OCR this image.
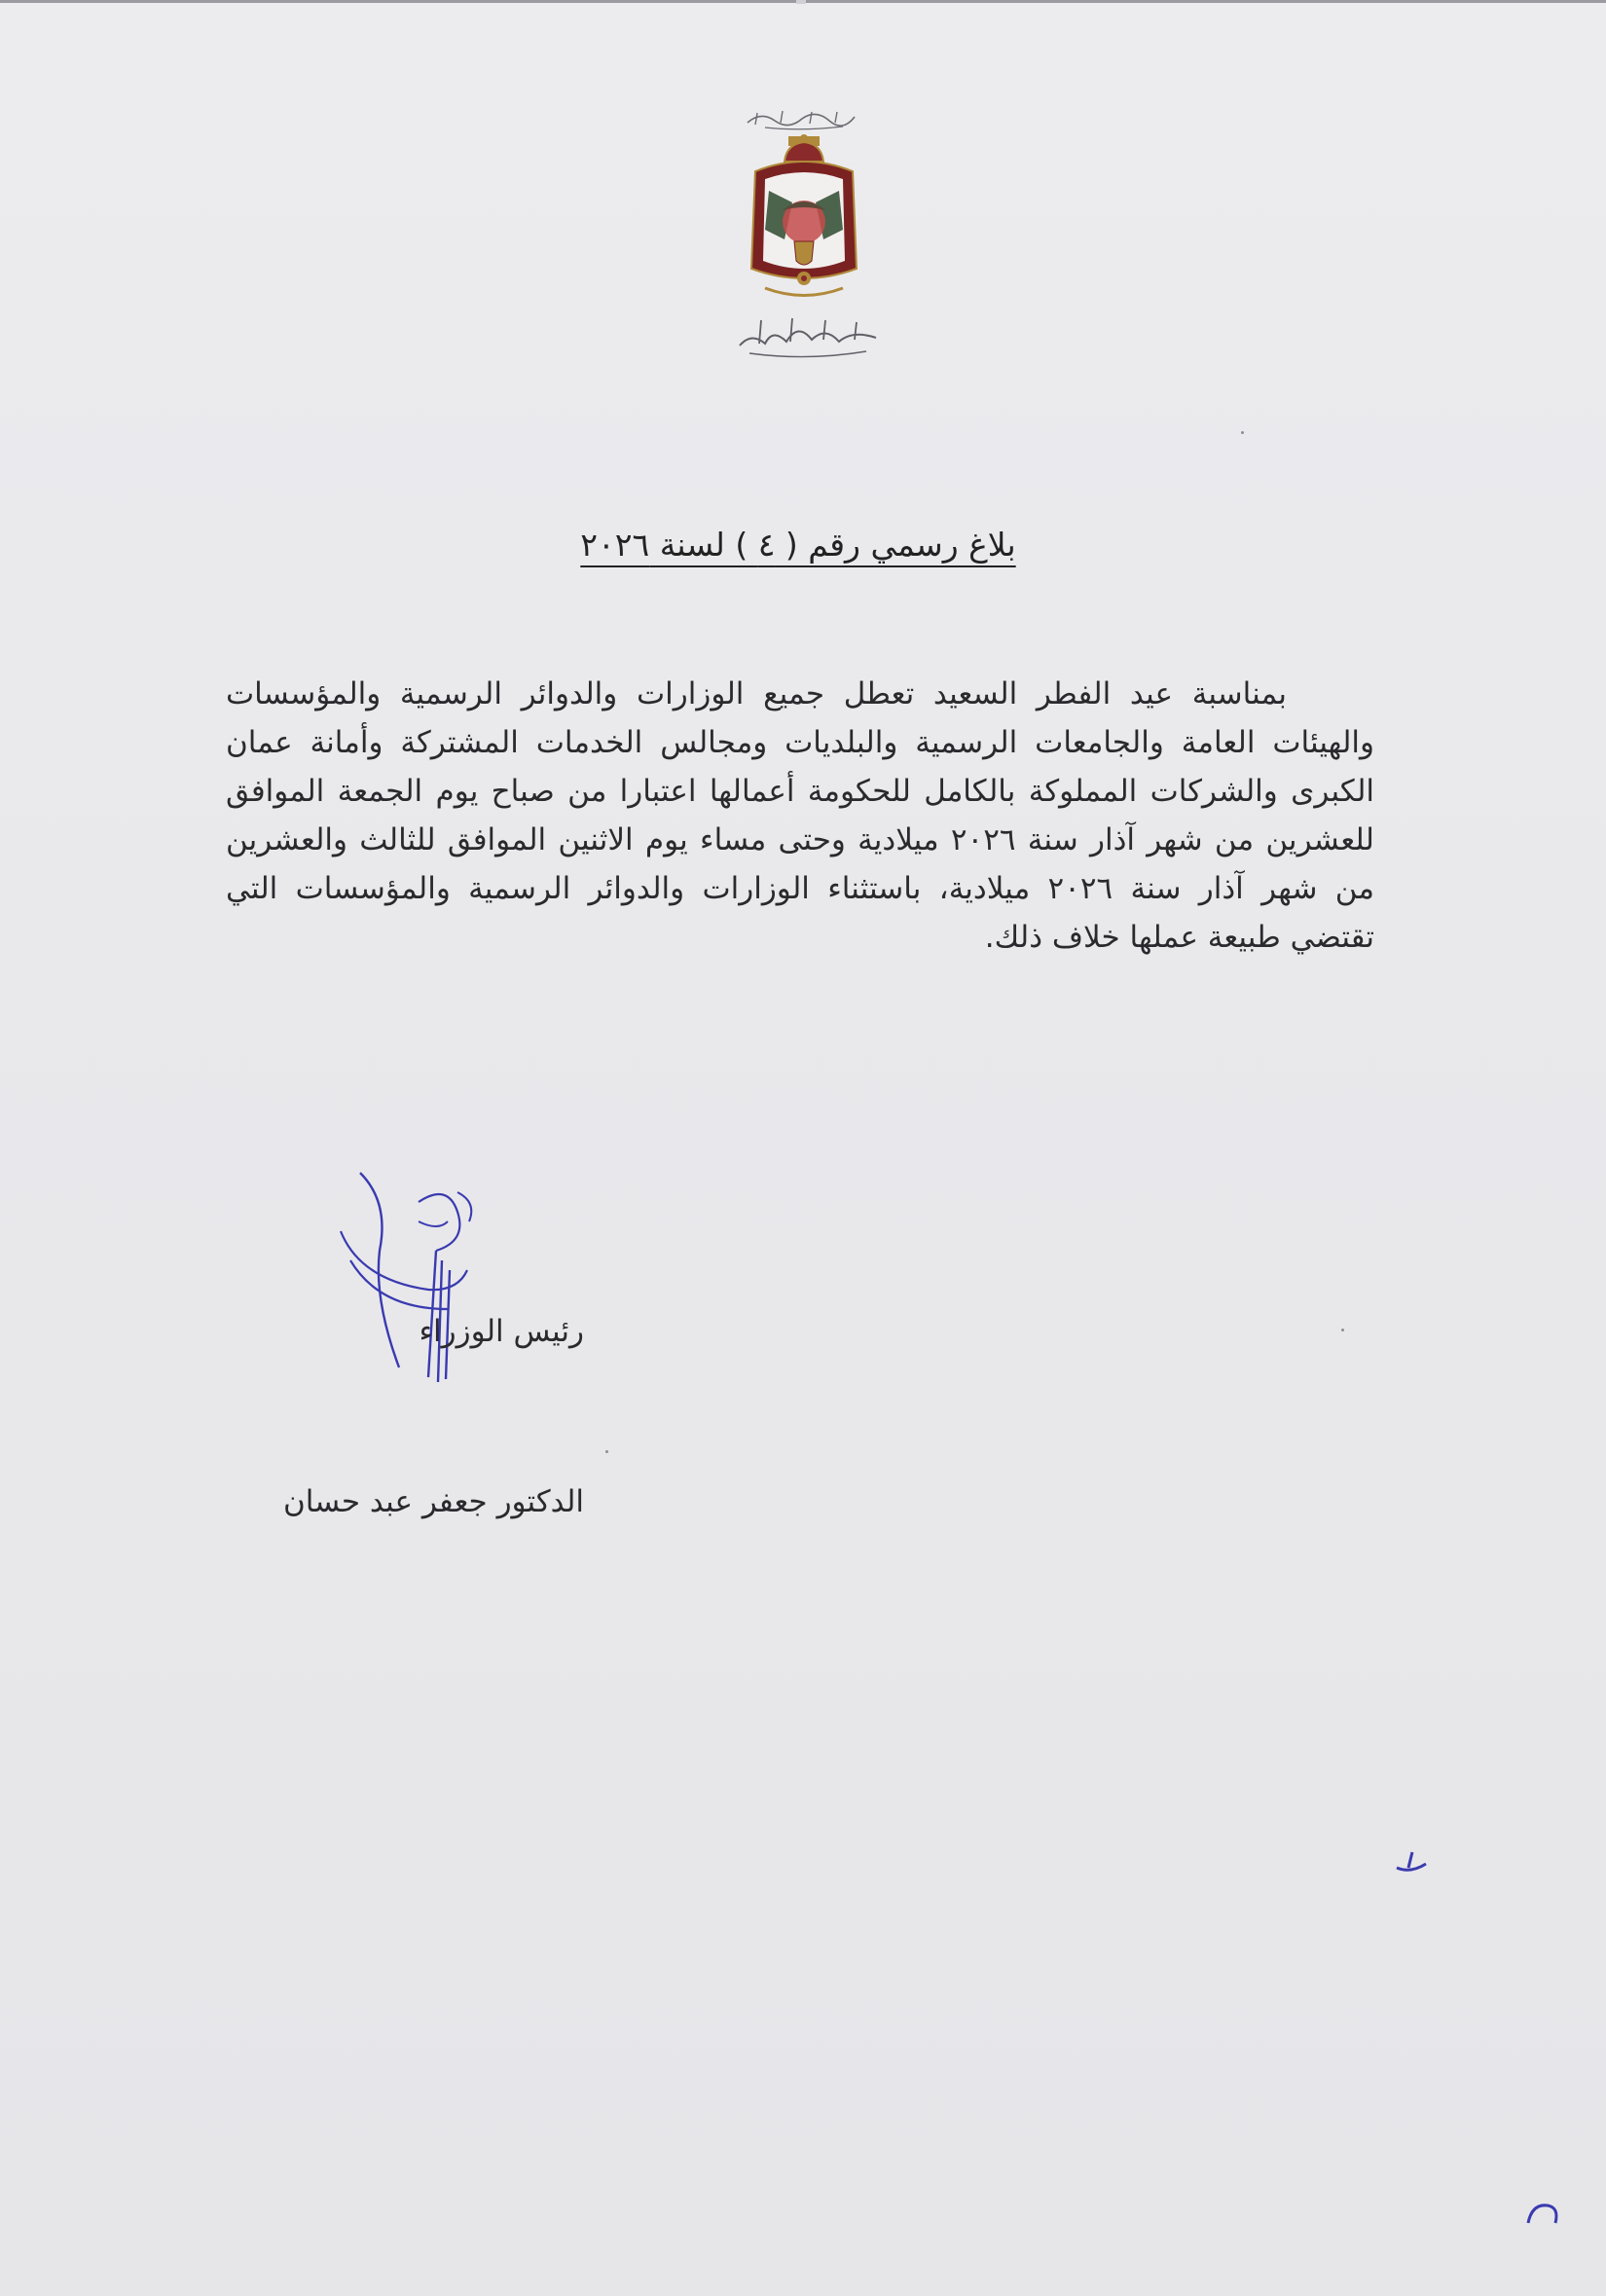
بلاغ رسمي رقم ( ٤ ) لسنة ٢٠٢٦
بمناسبة عيد الفطر السعيد تعطل جميع الوزارات والدوائر الرسمية والمؤسسات والهيئات العامة والجامعات الرسمية والبلديات ومجالس الخدمات المشتركة وأمانة عمان الكبرى والشركات المملوكة بالكامل للحكومة أعمالها اعتبارا من صباح يوم الجمعة الموافق للعشرين من شهر آذار سنة ٢٠٢٦ ميلادية وحتى مساء يوم الاثنين الموافق للثالث والعشرين من شهر آذار سنة ٢٠٢٦ ميلادية، باستثناء الوزارات والدوائر الرسمية والمؤسسات التي تقتضي طبيعة عملها خلاف ذلك.
رئيس الوزراء
الدكتور جعفر عبد حسان
